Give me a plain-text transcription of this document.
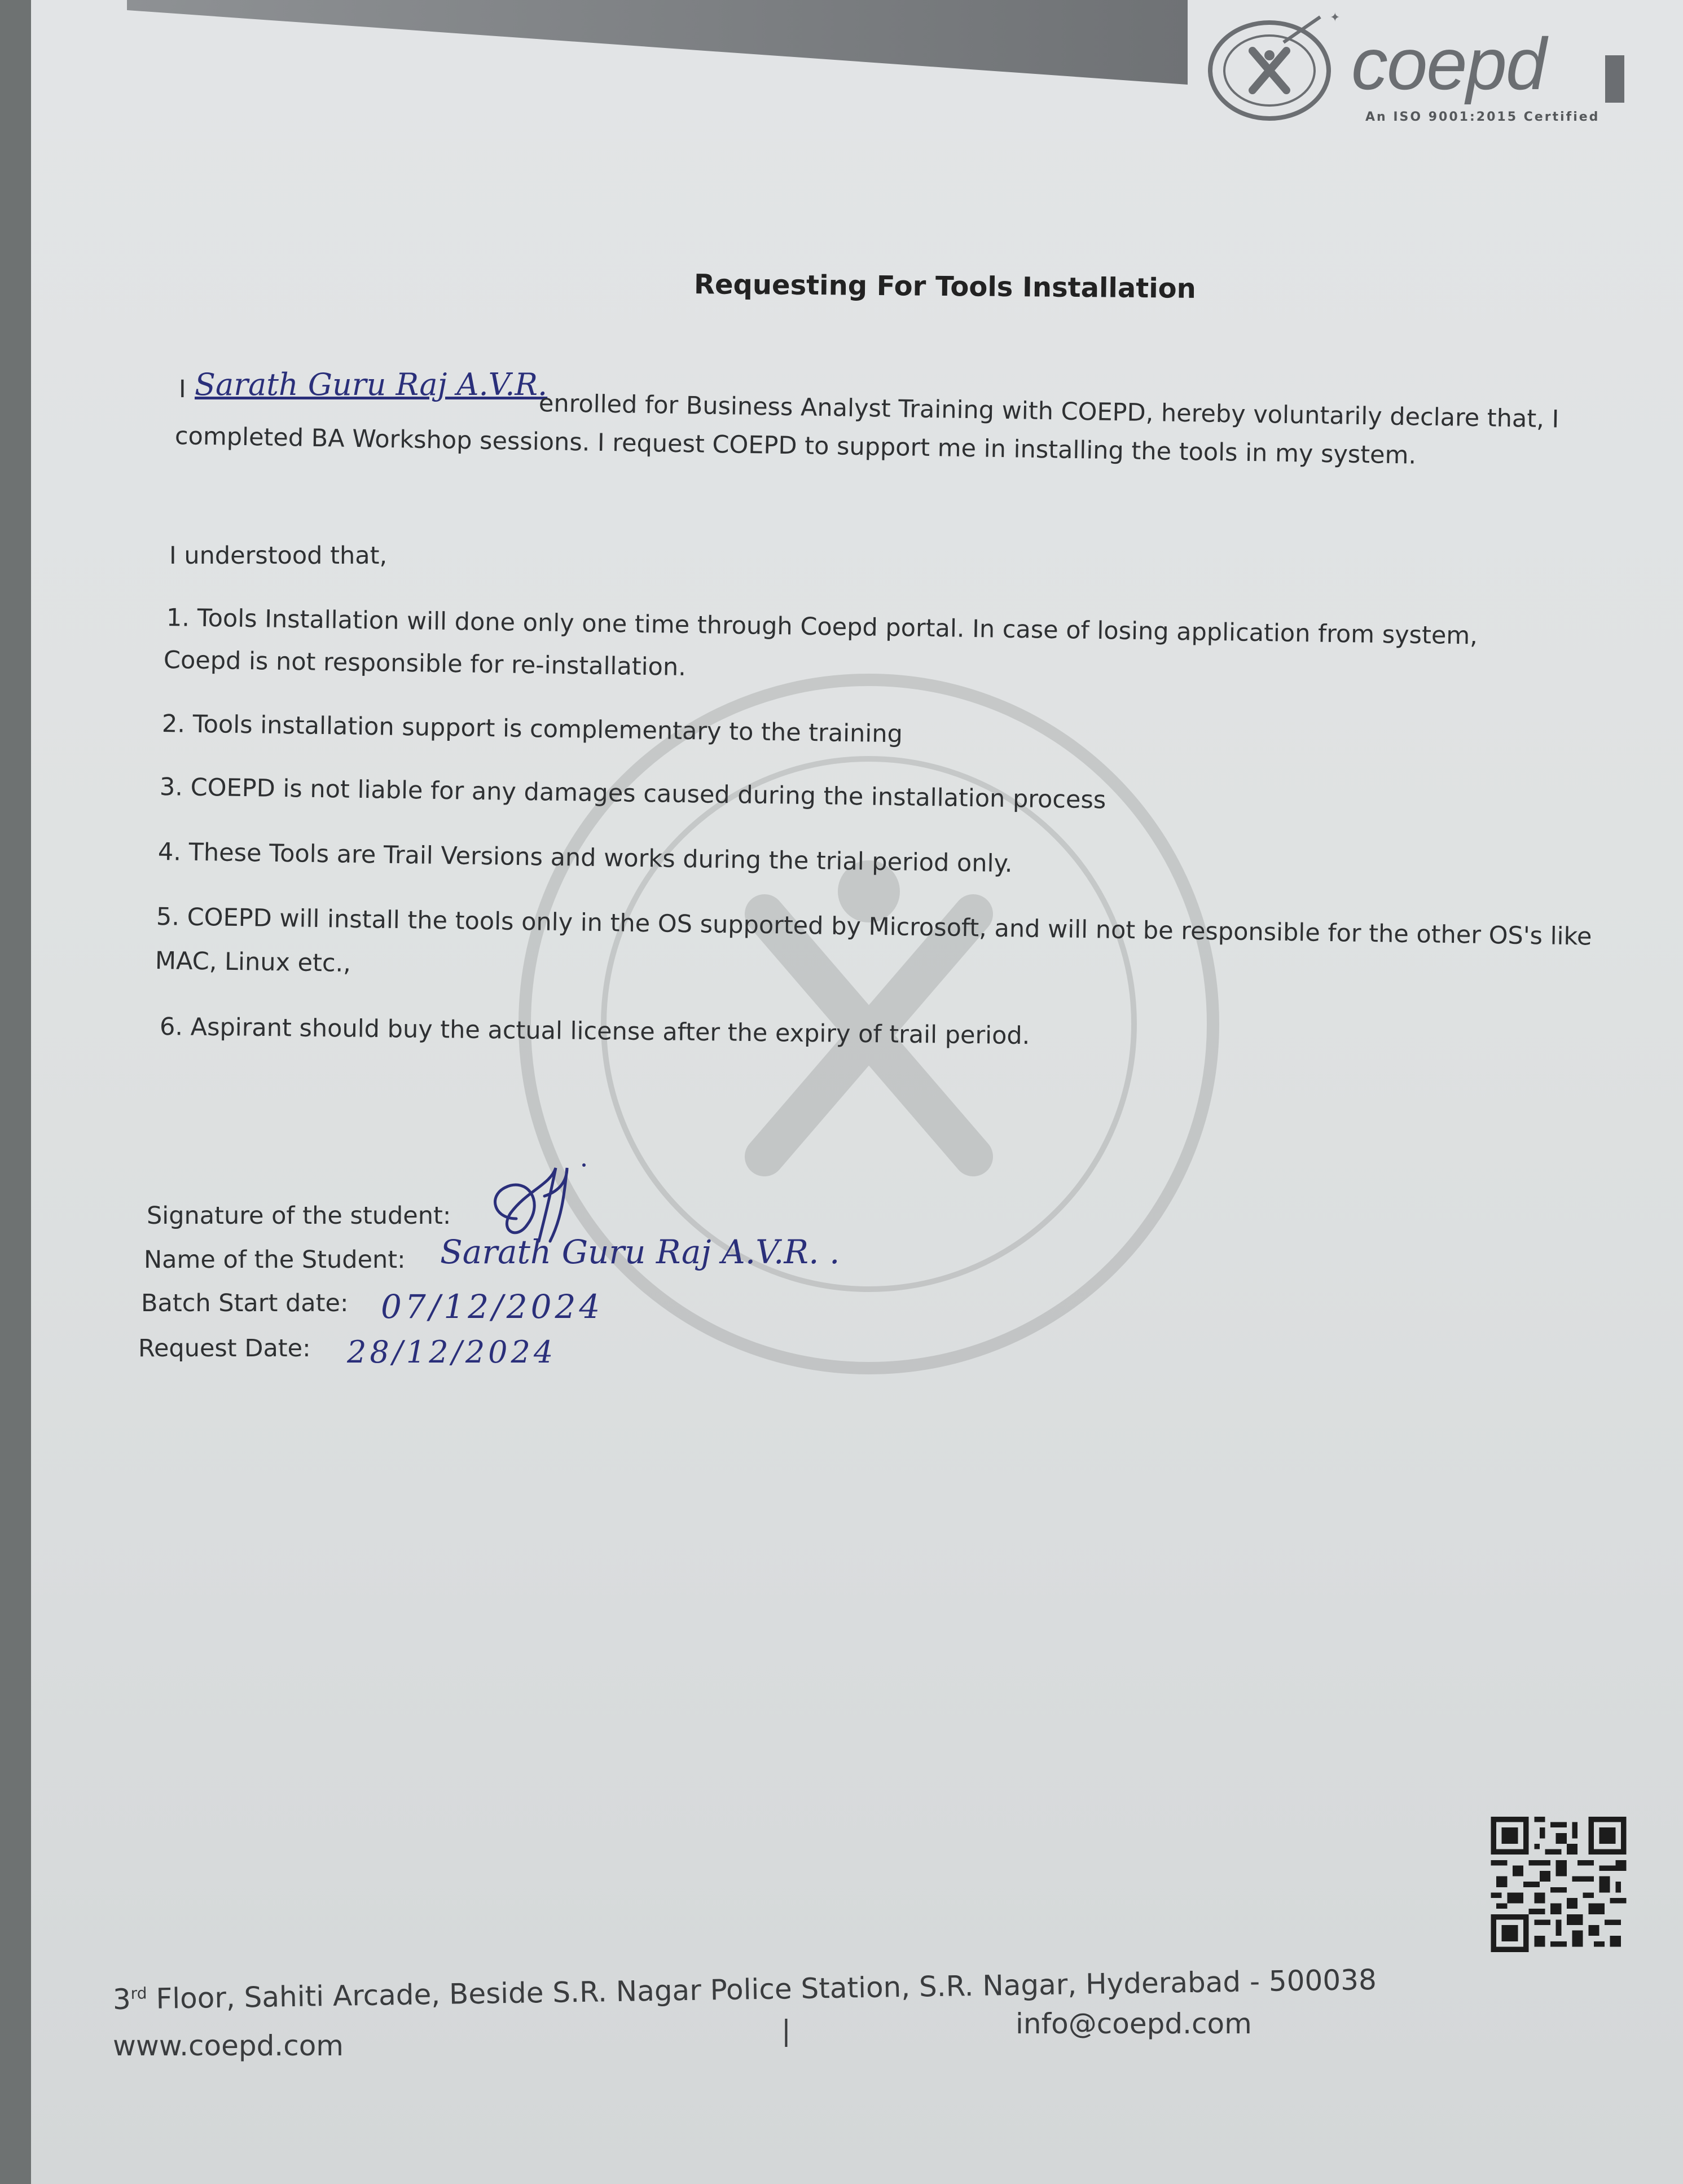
✦
coepd
An ISO 9001:2015 Certified
Requesting For Tools Installation
I Sarath Guru Raj A.V.R.
enrolled for Business Analyst Training with COEPD, hereby voluntarily declare that, I
completed BA Workshop sessions. I request COEPD to support me in installing the tools in my system.
I understood that,
1. Tools Installation will done only one time through Coepd portal. In case of losing application from system,
Coepd is not responsible for re-installation.
2. Tools installation support is complementary to the training
3. COEPD is not liable for any damages caused during the installation process
4. These Tools are Trail Versions and works during the trial period only.
5. COEPD will install the tools only in the OS supported by Microsoft, and will not be responsible for the other OS's like
MAC, Linux etc.,
6. Aspirant should buy the actual license after the expiry of trail period.
Signature of the student:
Name of the Student: Sarath Guru Raj A.V.R. .
Batch Start date: 07/12/2024
Request Date: 28/12/2024
3rd Floor, Sahiti Arcade, Beside S.R. Nagar Police Station, S.R. Nagar, Hyderabad - 500038
www.coepd.com	|	info@coepd.com
